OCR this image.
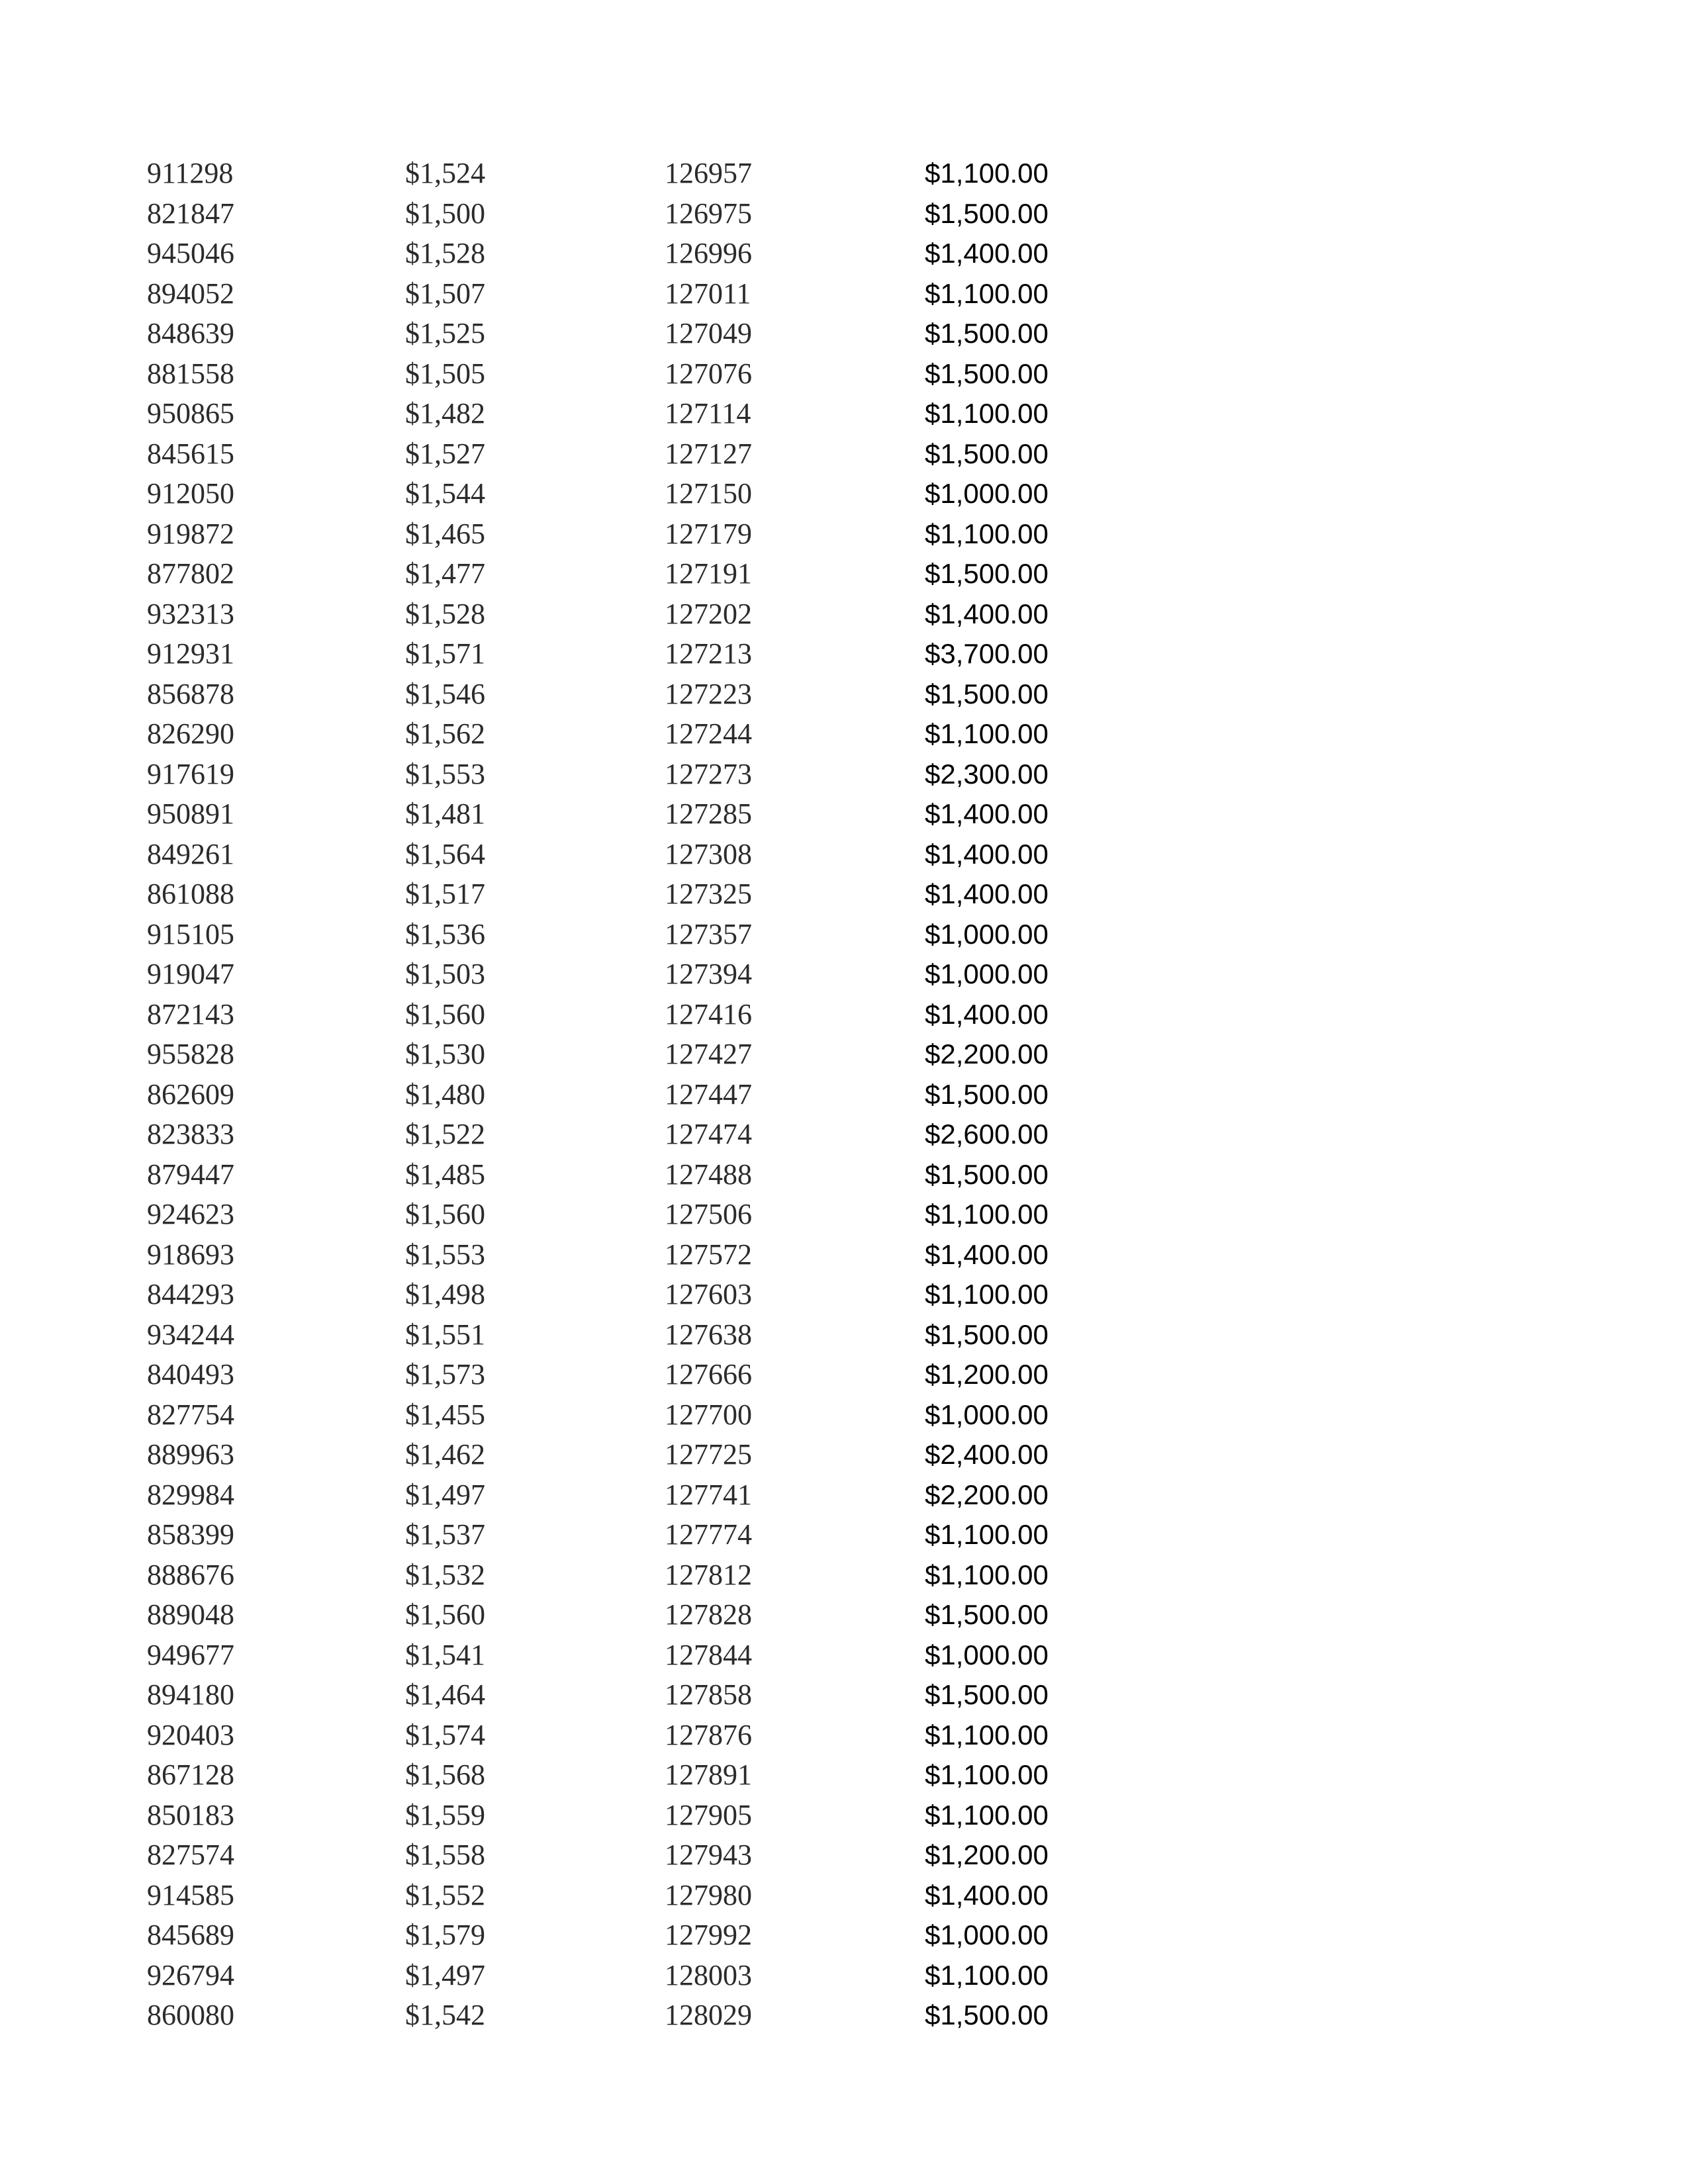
911298	$1,524	126957	$1,100.00
821847	$1,500	126975	$1,500.00
945046	$1,528	126996	$1,400.00
894052	$1,507	127011	$1,100.00
848639	$1,525	127049	$1,500.00
881558	$1,505	127076	$1,500.00
950865	$1,482	127114	$1,100.00
845615	$1,527	127127	$1,500.00
912050	$1,544	127150	$1,000.00
919872	$1,465	127179	$1,100.00
877802	$1,477	127191	$1,500.00
932313	$1,528	127202	$1,400.00
912931	$1,571	127213	$3,700.00
856878	$1,546	127223	$1,500.00
826290	$1,562	127244	$1,100.00
917619	$1,553	127273	$2,300.00
950891	$1,481	127285	$1,400.00
849261	$1,564	127308	$1,400.00
861088	$1,517	127325	$1,400.00
915105	$1,536	127357	$1,000.00
919047	$1,503	127394	$1,000.00
872143	$1,560	127416	$1,400.00
955828	$1,530	127427	$2,200.00
862609	$1,480	127447	$1,500.00
823833	$1,522	127474	$2,600.00
879447	$1,485	127488	$1,500.00
924623	$1,560	127506	$1,100.00
918693	$1,553	127572	$1,400.00
844293	$1,498	127603	$1,100.00
934244	$1,551	127638	$1,500.00
840493	$1,573	127666	$1,200.00
827754	$1,455	127700	$1,000.00
889963	$1,462	127725	$2,400.00
829984	$1,497	127741	$2,200.00
858399	$1,537	127774	$1,100.00
888676	$1,532	127812	$1,100.00
889048	$1,560	127828	$1,500.00
949677	$1,541	127844	$1,000.00
894180	$1,464	127858	$1,500.00
920403	$1,574	127876	$1,100.00
867128	$1,568	127891	$1,100.00
850183	$1,559	127905	$1,100.00
827574	$1,558	127943	$1,200.00
914585	$1,552	127980	$1,400.00
845689	$1,579	127992	$1,000.00
926794	$1,497	128003	$1,100.00
860080	$1,542	128029	$1,500.00
